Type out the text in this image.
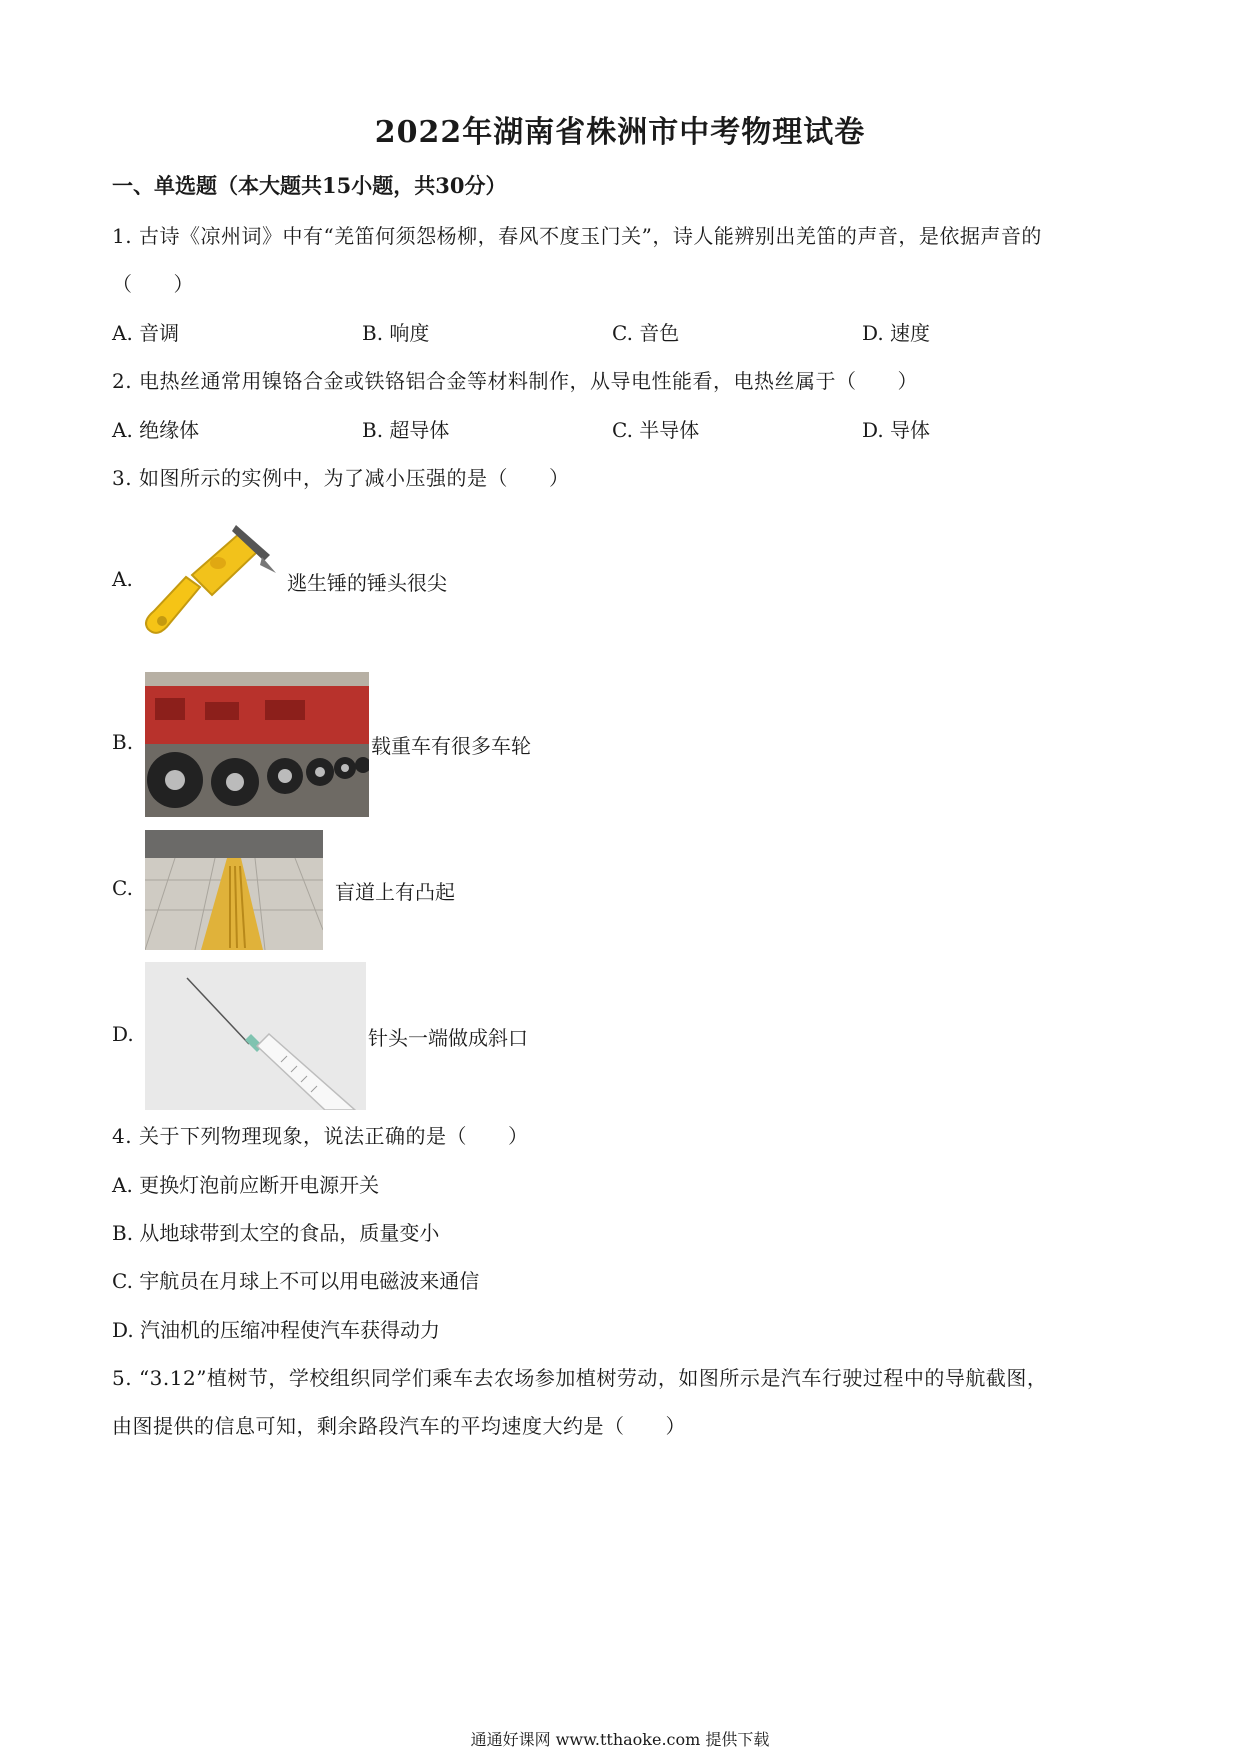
2022年湖南省株洲市中考物理试卷
一、单选题（本大题共15小题，共30分）
1. 古诗《凉州词》中有“羌笛何须怨杨柳，春风不度玉门关”，诗人能辨别出羌笛的声音，是依据声音的
（　　）
A. 音调	B. 响度	C. 音色	D. 速度
2. 电热丝通常用镍铬合金或铁铬铝合金等材料制作，从导电性能看，电热丝属于（　　）
A. 绝缘体	B. 超导体	C. 半导体	D. 导体
3. 如图所示的实例中，为了减小压强的是（　　）
A.	逃生锤的锤头很尖
B.	载重车有很多车轮
C.	盲道上有凸起
D.	针头一端做成斜口
4. 关于下列物理现象，说法正确的是（　　）
A. 更换灯泡前应断开电源开关
B. 从地球带到太空的食品，质量变小
C. 宇航员在月球上不可以用电磁波来通信
D. 汽油机的压缩冲程使汽车获得动力
5. “3.12”植树节，学校组织同学们乘车去农场参加植树劳动，如图所示是汽车行驶过程中的导航截图，
由图提供的信息可知，剩余路段汽车的平均速度大约是（　　）
通通好课网 www.tthaoke.com 提供下载
